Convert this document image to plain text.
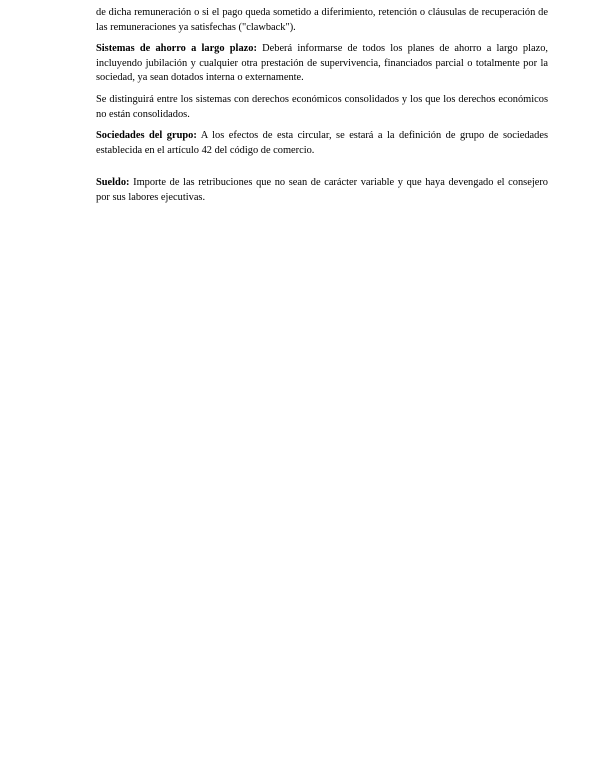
de dicha remuneración o si el pago queda sometido a diferimiento, retención o cláusulas de recuperación de las remuneraciones ya satisfechas ("clawback").

Sistemas de ahorro a largo plazo: Deberá informarse de todos los planes de ahorro a largo plazo, incluyendo jubilación y cualquier otra prestación de supervivencia, financiados parcial o totalmente por la sociedad, ya sean dotados interna o externamente.

Se distinguirá entre los sistemas con derechos económicos consolidados y los que los derechos económicos no están consolidados.

Sociedades del grupo: A los efectos de esta circular, se estará a la definición de grupo de sociedades establecida en el artículo 42 del código de comercio.

Sueldo: Importe de las retribuciones que no sean de carácter variable y que haya devengado el consejero por sus labores ejecutivas.
